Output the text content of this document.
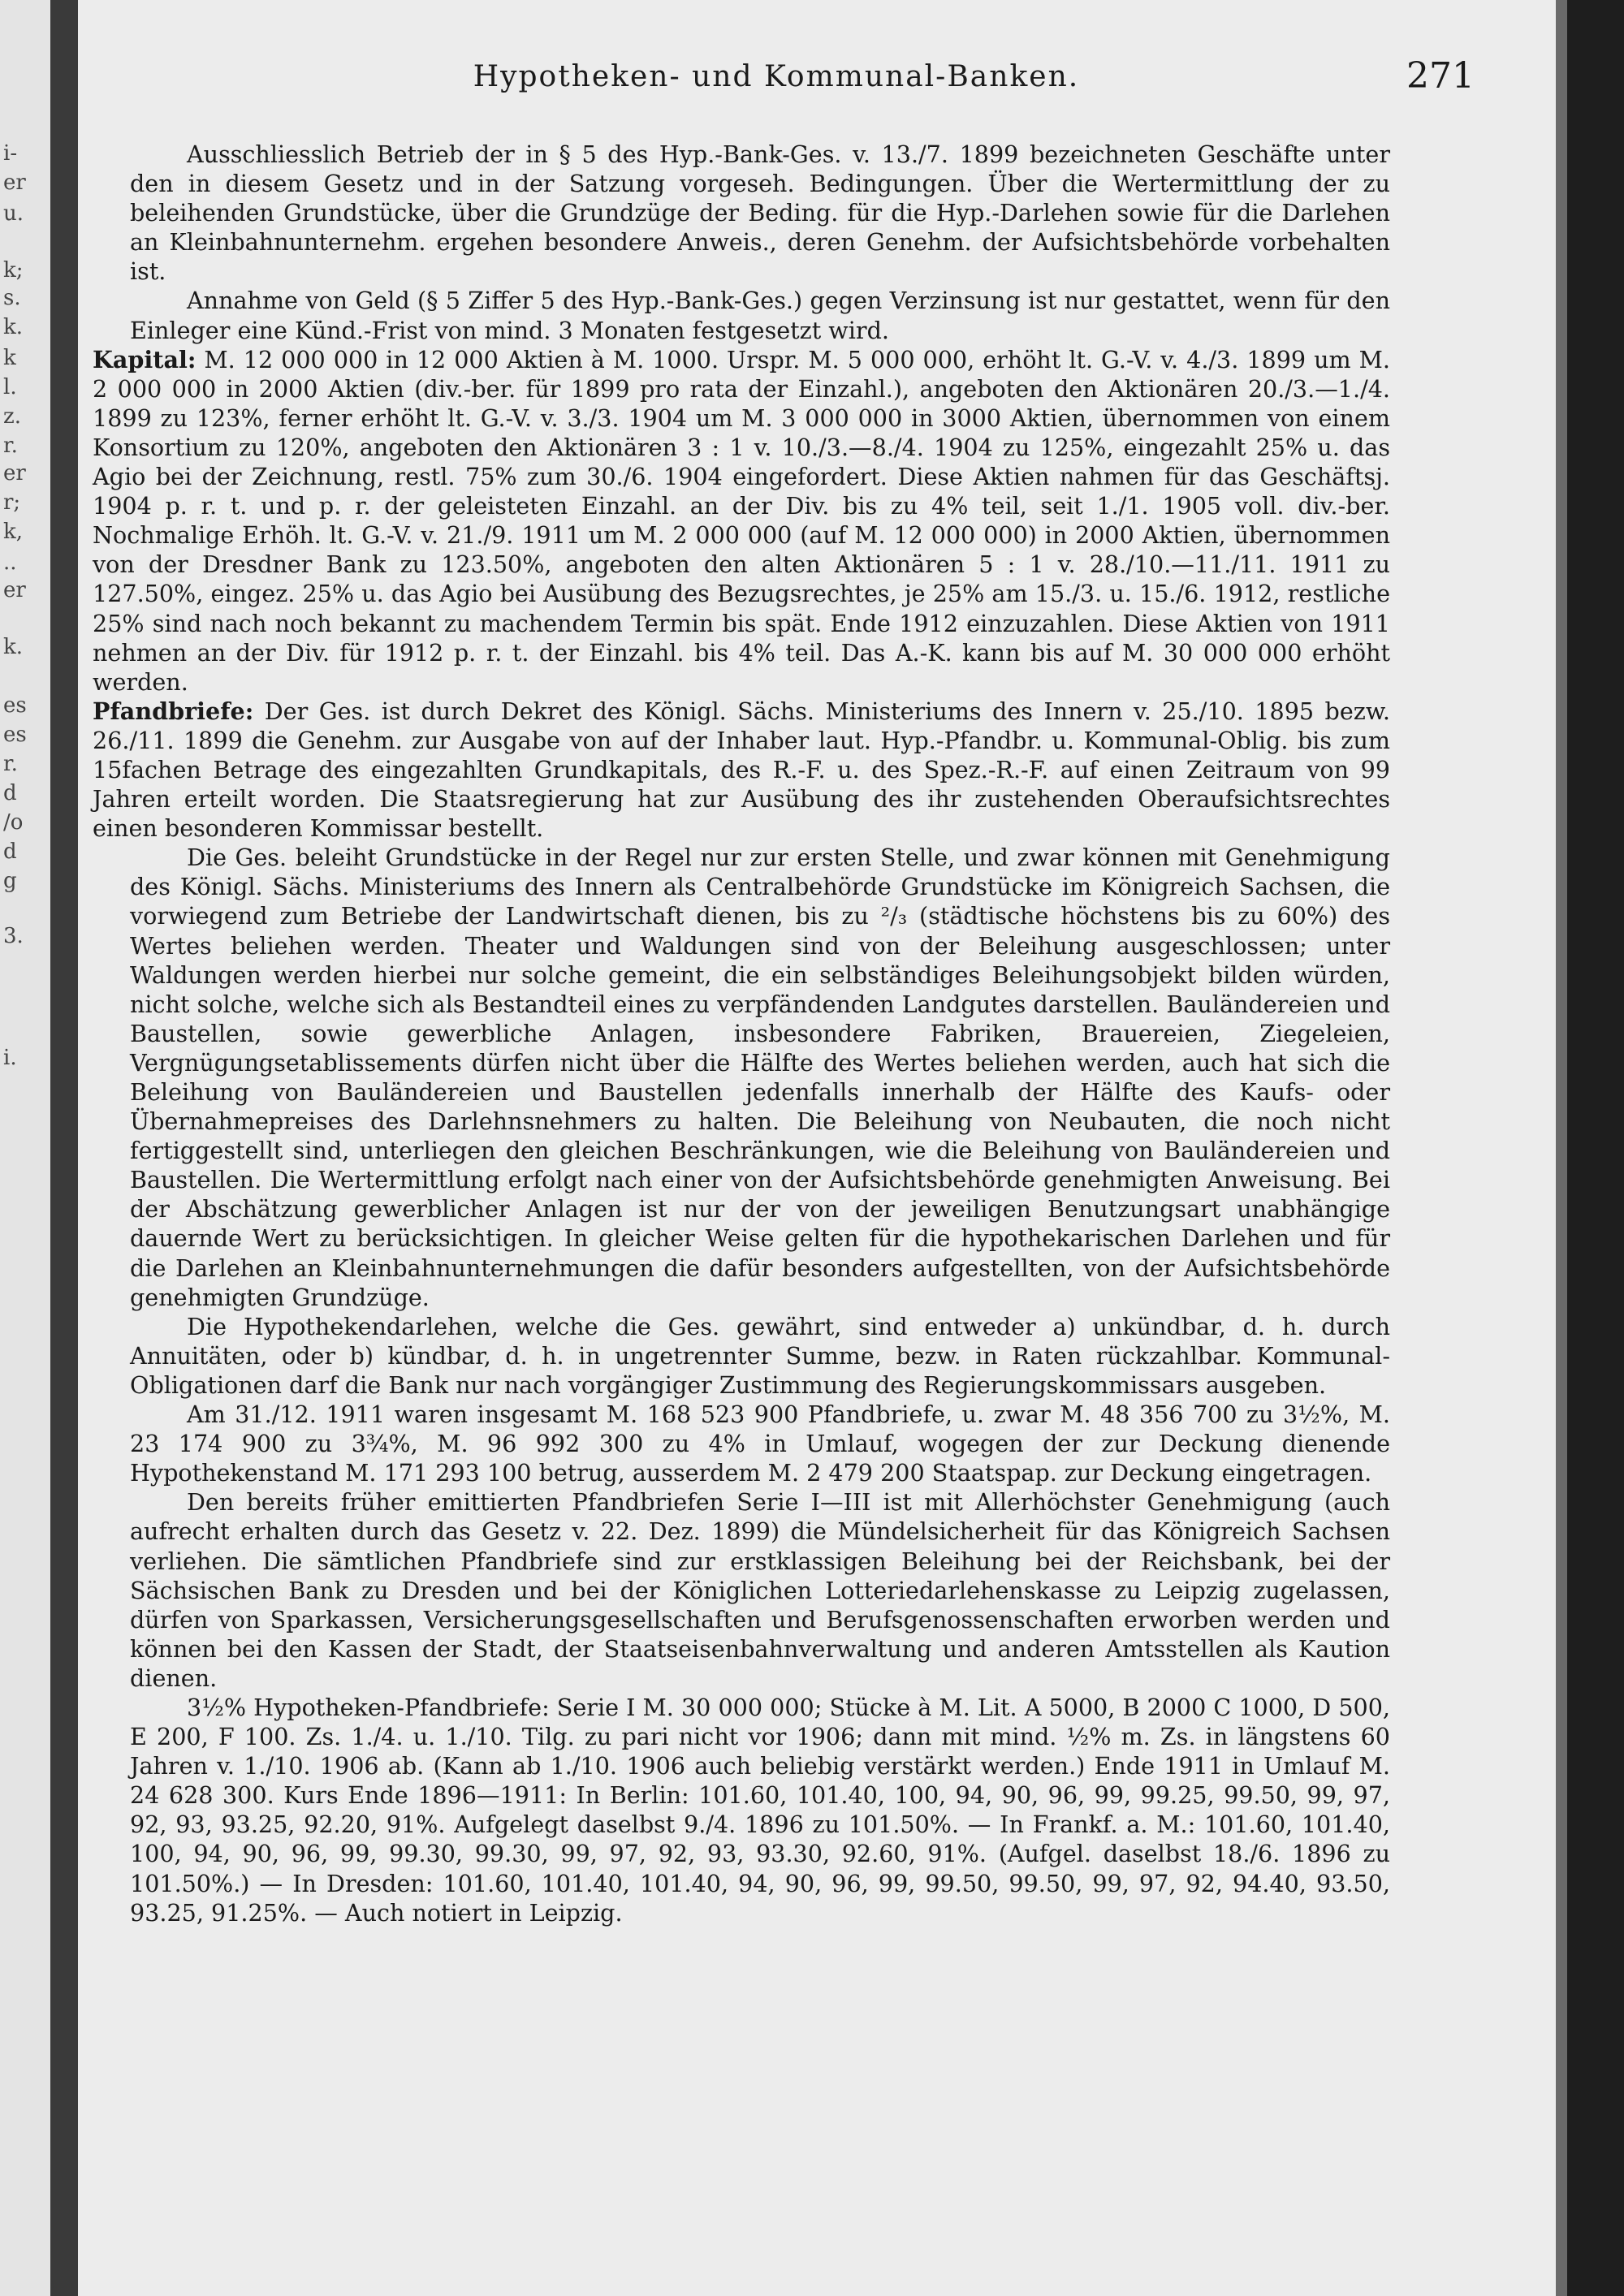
i-
er
u.
k;
s.
k.
k
l.
z.
r.
er
r;
k,
..
er
k.
es
es
r.
d
/o
d
g
3.
i.
Hypotheken- und Kommunal-Banken.	271

Ausschliesslich Betrieb der in § 5 des Hyp.-Bank-Ges. v. 13./7. 1899 bezeichneten Geschäfte unter den in diesem Gesetz und in der Satzung vorgeseh. Bedingungen. Über die Wertermittlung der zu beleihenden Grundstücke, über die Grundzüge der Beding. für die Hyp.-Darlehen sowie für die Darlehen an Kleinbahnunternehm. ergehen besondere Anweis., deren Genehm. der Aufsichtsbehörde vorbehalten ist.

Annahme von Geld (§ 5 Ziffer 5 des Hyp.-Bank-Ges.) gegen Verzinsung ist nur gestattet, wenn für den Einleger eine Künd.-Frist von mind. 3 Monaten festgesetzt wird.

Kapital: M. 12 000 000 in 12 000 Aktien à M. 1000. Urspr. M. 5 000 000, erhöht lt. G.-V. v. 4./3. 1899 um M. 2 000 000 in 2000 Aktien (div.-ber. für 1899 pro rata der Einzahl.), angeboten den Aktionären 20./3.—1./4. 1899 zu 123%, ferner erhöht lt. G.-V. v. 3./3. 1904 um M. 3 000 000 in 3000 Aktien, übernommen von einem Konsortium zu 120%, angeboten den Aktionären 3 : 1 v. 10./3.—8./4. 1904 zu 125%, eingezahlt 25% u. das Agio bei der Zeichnung, restl. 75% zum 30./6. 1904 eingefordert. Diese Aktien nahmen für das Geschäftsj. 1904 p. r. t. und p. r. der geleisteten Einzahl. an der Div. bis zu 4% teil, seit 1./1. 1905 voll. div.-ber. Nochmalige Erhöh. lt. G.-V. v. 21./9. 1911 um M. 2 000 000 (auf M. 12 000 000) in 2000 Aktien, übernommen von der Dresdner Bank zu 123.50%, angeboten den alten Aktionären 5 : 1 v. 28./10.—11./11. 1911 zu 127.50%, eingez. 25% u. das Agio bei Ausübung des Bezugsrechtes, je 25% am 15./3. u. 15./6. 1912, restliche 25% sind nach noch bekannt zu machendem Termin bis spät. Ende 1912 einzuzahlen. Diese Aktien von 1911 nehmen an der Div. für 1912 p. r. t. der Einzahl. bis 4% teil. Das A.-K. kann bis auf M. 30 000 000 erhöht werden.

Pfandbriefe: Der Ges. ist durch Dekret des Königl. Sächs. Ministeriums des Innern v. 25./10. 1895 bezw. 26./11. 1899 die Genehm. zur Ausgabe von auf der Inhaber laut. Hyp.-Pfandbr. u. Kommunal-Oblig. bis zum 15fachen Betrage des eingezahlten Grundkapitals, des R.-F. u. des Spez.-R.-F. auf einen Zeitraum von 99 Jahren erteilt worden. Die Staatsregierung hat zur Ausübung des ihr zustehenden Oberaufsichtsrechtes einen besonderen Kommissar bestellt.

Die Ges. beleiht Grundstücke in der Regel nur zur ersten Stelle, und zwar können mit Genehmigung des Königl. Sächs. Ministeriums des Innern als Centralbehörde Grundstücke im Königreich Sachsen, die vorwiegend zum Betriebe der Landwirtschaft dienen, bis zu ²/₃ (städtische höchstens bis zu 60%) des Wertes beliehen werden. Theater und Waldungen sind von der Beleihung ausgeschlossen; unter Waldungen werden hierbei nur solche gemeint, die ein selbständiges Beleihungsobjekt bilden würden, nicht solche, welche sich als Bestandteil eines zu verpfändenden Landgutes darstellen. Bauländereien und Baustellen, sowie gewerbliche Anlagen, insbesondere Fabriken, Brauereien, Ziegeleien, Vergnügungsetablissements dürfen nicht über die Hälfte des Wertes beliehen werden, auch hat sich die Beleihung von Bauländereien und Baustellen jedenfalls innerhalb der Hälfte des Kaufs- oder Übernahmepreises des Darlehnsnehmers zu halten. Die Beleihung von Neubauten, die noch nicht fertiggestellt sind, unterliegen den gleichen Beschränkungen, wie die Beleihung von Bauländereien und Baustellen. Die Wertermittlung erfolgt nach einer von der Aufsichtsbehörde genehmigten Anweisung. Bei der Abschätzung gewerblicher Anlagen ist nur der von der jeweiligen Benutzungsart unabhängige dauernde Wert zu berücksichtigen. In gleicher Weise gelten für die hypothekarischen Darlehen und für die Darlehen an Kleinbahnunternehmungen die dafür besonders aufgestellten, von der Aufsichtsbehörde genehmigten Grundzüge.

Die Hypothekendarlehen, welche die Ges. gewährt, sind entweder a) unkündbar, d. h. durch Annuitäten, oder b) kündbar, d. h. in ungetrennter Summe, bezw. in Raten rückzahlbar. Kommunal-Obligationen darf die Bank nur nach vorgängiger Zustimmung des Regierungskommissars ausgeben.

Am 31./12. 1911 waren insgesamt M. 168 523 900 Pfandbriefe, u. zwar M. 48 356 700 zu 3½%, M. 23 174 900 zu 3¾%, M. 96 992 300 zu 4% in Umlauf, wogegen der zur Deckung dienende Hypothekenstand M. 171 293 100 betrug, ausserdem M. 2 479 200 Staatspap. zur Deckung eingetragen.

Den bereits früher emittierten Pfandbriefen Serie I—III ist mit Allerhöchster Genehmigung (auch aufrecht erhalten durch das Gesetz v. 22. Dez. 1899) die Mündelsicherheit für das Königreich Sachsen verliehen. Die sämtlichen Pfandbriefe sind zur erstklassigen Beleihung bei der Reichsbank, bei der Sächsischen Bank zu Dresden und bei der Königlichen Lotteriedarlehenskasse zu Leipzig zugelassen, dürfen von Sparkassen, Versicherungsgesellschaften und Berufsgenossenschaften erworben werden und können bei den Kassen der Stadt, der Staatseisenbahnverwaltung und anderen Amtsstellen als Kaution dienen.

3½% Hypotheken-Pfandbriefe: Serie I M. 30 000 000; Stücke à M. Lit. A 5000, B 2000 C 1000, D 500, E 200, F 100. Zs. 1./4. u. 1./10. Tilg. zu pari nicht vor 1906; dann mit mind. ½% m. Zs. in längstens 60 Jahren v. 1./10. 1906 ab. (Kann ab 1./10. 1906 auch beliebig verstärkt werden.) Ende 1911 in Umlauf M. 24 628 300. Kurs Ende 1896—1911: In Berlin: 101.60, 101.40, 100, 94, 90, 96, 99, 99.25, 99.50, 99, 97, 92, 93, 93.25, 92.20, 91%. Aufgelegt daselbst 9./4. 1896 zu 101.50%. — In Frankf. a. M.: 101.60, 101.40, 100, 94, 90, 96, 99, 99.30, 99.30, 99, 97, 92, 93, 93.30, 92.60, 91%. (Aufgel. daselbst 18./6. 1896 zu 101.50%.) — In Dresden: 101.60, 101.40, 101.40, 94, 90, 96, 99, 99.50, 99.50, 99, 97, 92, 94.40, 93.50, 93.25, 91.25%. — Auch notiert in Leipzig.
